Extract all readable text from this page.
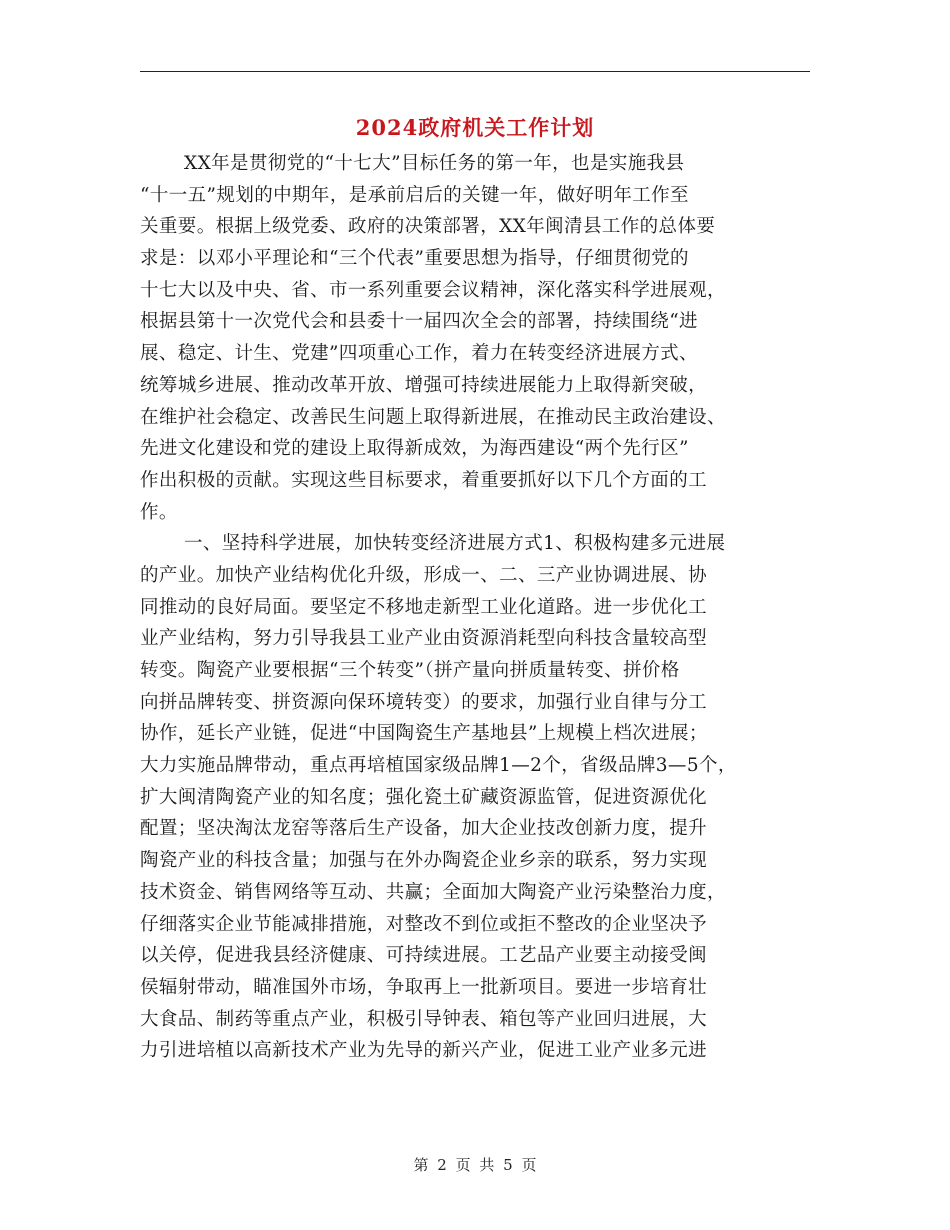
2024政府机关工作计划
XX年是贯彻党的“十七大”目标任务的第一年，也是实施我县
“十一五”规划的中期年，是承前启后的关键一年，做好明年工作至
关重要。根据上级党委、政府的决策部署，XX年闽清县工作的总体要
求是：以邓小平理论和“三个代表”重要思想为指导，仔细贯彻党的
十七大以及中央、省、市一系列重要会议精神，深化落实科学进展观，
根据县第十一次党代会和县委十一届四次全会的部署，持续围绕“进
展、稳定、计生、党建”四项重心工作，着力在转变经济进展方式、
统筹城乡进展、推动改革开放、增强可持续进展能力上取得新突破，
在维护社会稳定、改善民生问题上取得新进展，在推动民主政治建设、
先进文化建设和党的建设上取得新成效，为海西建设“两个先行区”
作出积极的贡献。实现这些目标要求，着重要抓好以下几个方面的工
作。
一、坚持科学进展，加快转变经济进展方式1、积极构建多元进展
的产业。加快产业结构优化升级，形成一、二、三产业协调进展、协
同推动的良好局面。要坚定不移地走新型工业化道路。进一步优化工
业产业结构，努力引导我县工业产业由资源消耗型向科技含量较高型
转变。陶瓷产业要根据“三个转变”（拼产量向拼质量转变、拼价格
向拼品牌转变、拼资源向保环境转变）的要求，加强行业自律与分工
协作，延长产业链，促进“中国陶瓷生产基地县”上规模上档次进展；
大力实施品牌带动，重点再培植国家级品牌1—2个，省级品牌3—5个，
扩大闽清陶瓷产业的知名度；强化瓷土矿藏资源监管，促进资源优化
配置；坚决淘汰龙窑等落后生产设备，加大企业技改创新力度，提升
陶瓷产业的科技含量；加强与在外办陶瓷企业乡亲的联系，努力实现
技术资金、销售网络等互动、共赢；全面加大陶瓷产业污染整治力度，
仔细落实企业节能减排措施，对整改不到位或拒不整改的企业坚决予
以关停，促进我县经济健康、可持续进展。工艺品产业要主动接受闽
侯辐射带动，瞄准国外市场，争取再上一批新项目。要进一步培育壮
大食品、制药等重点产业，积极引导钟表、箱包等产业回归进展，大
力引进培植以高新技术产业为先导的新兴产业，促进工业产业多元进
第 2 页 共 5 页
